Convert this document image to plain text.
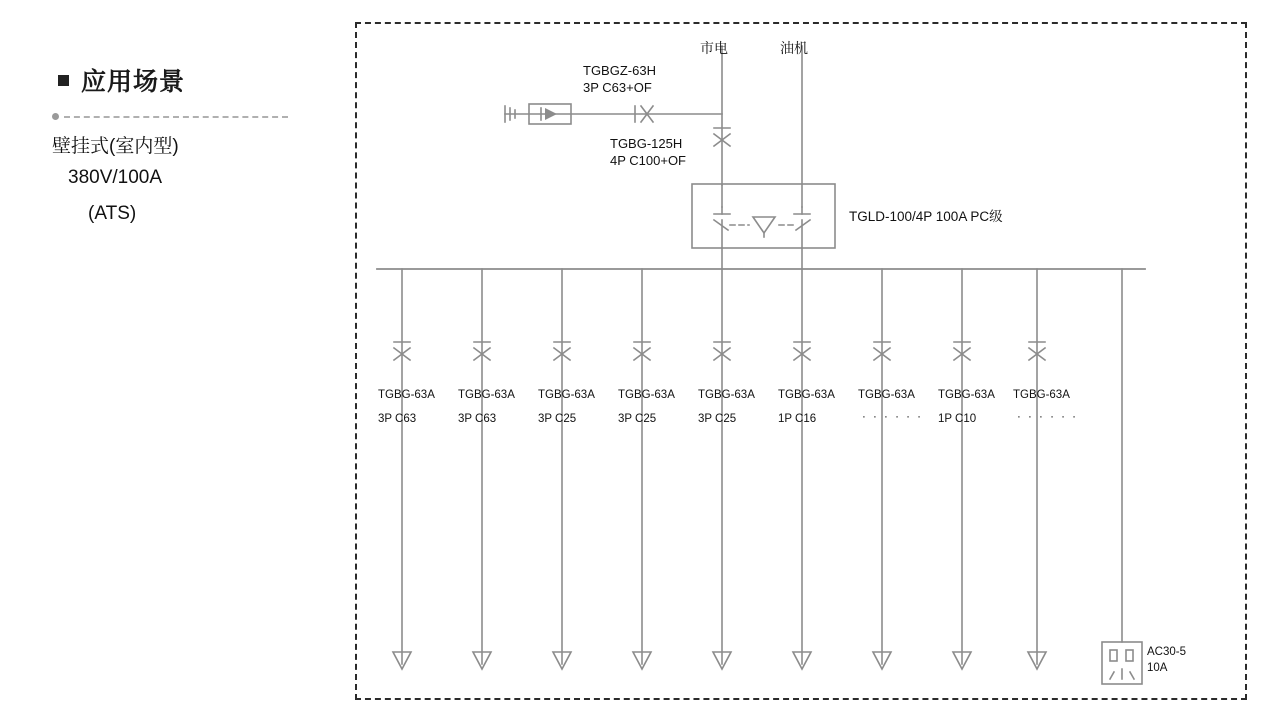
应用场景
壁挂式(室内型)
380V/100A
(ATS)
市电	油机
TGBGZ-63H
3P C63+OF
TGBG-125H
4P C100+OF
TGLD-100/4P 100A PC级
TGBG-63A
3P C63
TGBG-63A
3P C63
TGBG-63A
3P C25
TGBG-63A
3P C25
TGBG-63A
3P C25
TGBG-63A
1P C16
TGBG-63A
· · · · · ·
TGBG-63A
1P C10
TGBG-63A
· · · · · ·
AC30-5
10A
